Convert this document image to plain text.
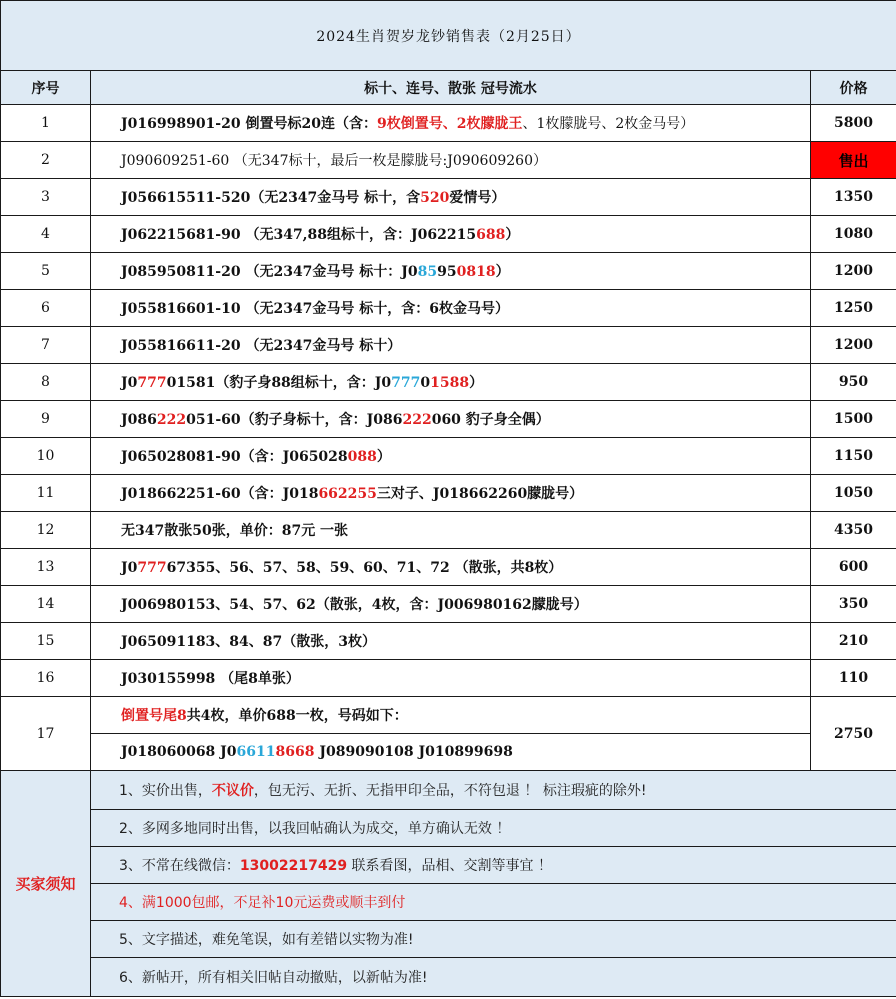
2024生肖贺岁龙钞销售表（2月25日）		
序号	标十、连号、散张 冠号流水	价格
1	J016998901-20 倒置号标20连（含：9枚倒置号、2枚朦胧王、1枚朦胧号、2枚金马号）	5800
2	J090609251-60 （无347标十，最后一枚是朦胧号:J090609260）	售出
3	J056615511-520（无2347金马号 标十，含520爱情号）	1350
4	J062215681-90 （无347,88组标十，含：J062215688）	1080
5	J085950811-20 （无2347金马号 标十：J085950818）	1200
6	J055816601-10 （无2347金马号 标十，含：6枚金马号）	1250
7	J055816611-20 （无2347金马号 标十）	1200
8	J077701581（豹子身88组标十，含：J077701588）	950
9	J086222051-60（豹子身标十，含：J086222060 豹子身全偶）	1500
10	J065028081-90（含：J065028088）	1150
11	J018662251-60（含：J018662255三对子、J018662260朦胧号）	1050
12	无347散张50张，单价：87元 一张	4350
13	J077767355、56、57、58、59、60、71、72 （散张，共8枚）	600
14	J006980153、54、57、62（散张，4枚，含：J006980162朦胧号）	350
15	J065091183、84、87（散张，3枚）	210
16	J030155998 （尾8单张）	110
17	倒置号尾8共4枚，单价688一枚，号码如下：	2750
	J018060068 J066118668 J089090108 J010899698	
买家须知	1、实价出售，不议价，包无污、无折、无指甲印全品，不符包退 ！ 标注瑕疵的除外!	
	2、多网多地同时出售，以我回帖确认为成交，单方确认无效 ！	
	3、不常在线微信：13002217429 联系看图，品相、交割等事宜 ！	
	4、满1000包邮，不足补10元运费或顺丰到付	
	5、文字描述，难免笔误，如有差错以实物为准!	
	6、新帖开，所有相关旧帖自动撤贴，以新帖为准!	
